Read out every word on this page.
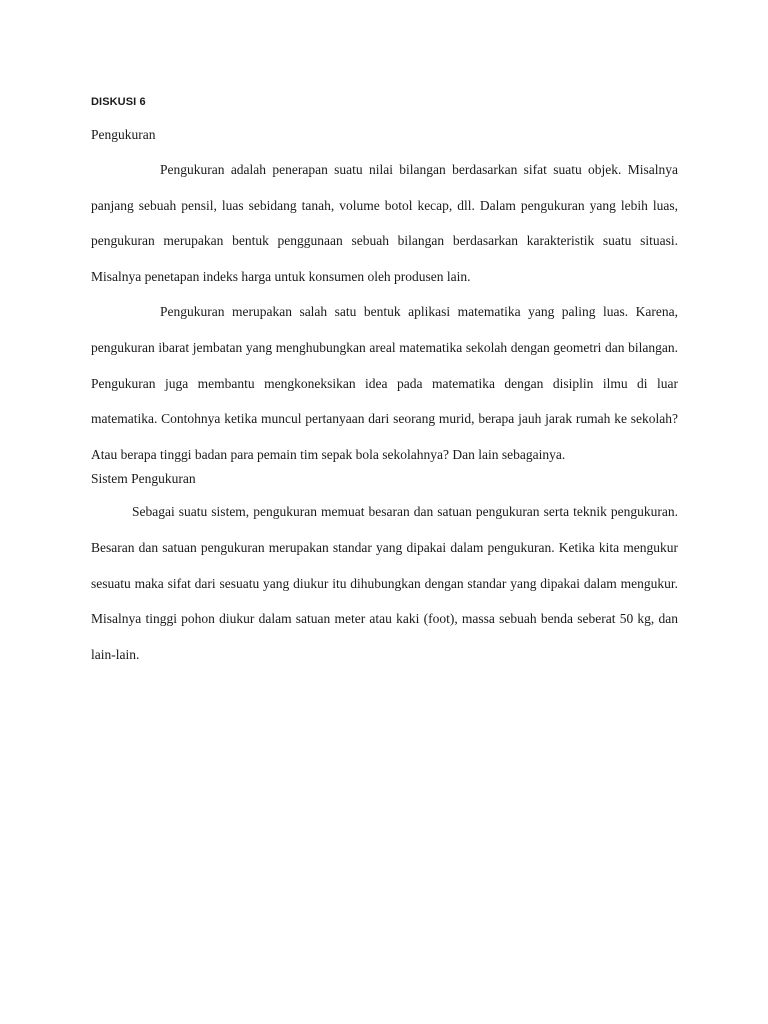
DISKUSI 6
Pengukuran

Pengukuran adalah penerapan suatu nilai bilangan berdasarkan sifat suatu objek. Misalnya panjang sebuah pensil, luas sebidang tanah, volume botol kecap, dll. Dalam pengukuran yang lebih luas, pengukuran merupakan bentuk penggunaan sebuah bilangan berdasarkan karakteristik suatu situasi. Misalnya penetapan indeks harga untuk konsumen oleh produsen lain.

Pengukuran merupakan salah satu bentuk aplikasi matematika yang paling luas. Karena, pengukuran ibarat jembatan yang menghubungkan areal matematika sekolah dengan geometri dan bilangan. Pengukuran juga membantu mengkoneksikan idea pada matematika dengan disiplin ilmu di luar matematika. Contohnya ketika muncul pertanyaan dari seorang murid, berapa jauh jarak rumah ke sekolah? Atau berapa tinggi badan para pemain tim sepak bola sekolahnya? Dan lain sebagainya.

Sistem Pengukuran

Sebagai suatu sistem, pengukuran memuat besaran dan satuan pengukuran serta teknik pengukuran. Besaran dan satuan pengukuran merupakan standar yang dipakai dalam pengukuran. Ketika kita mengukur sesuatu maka sifat dari sesuatu yang diukur itu dihubungkan dengan standar yang dipakai dalam mengukur. Misalnya tinggi pohon diukur dalam satuan meter atau kaki (foot), massa sebuah benda seberat 50 kg, dan lain-lain.
